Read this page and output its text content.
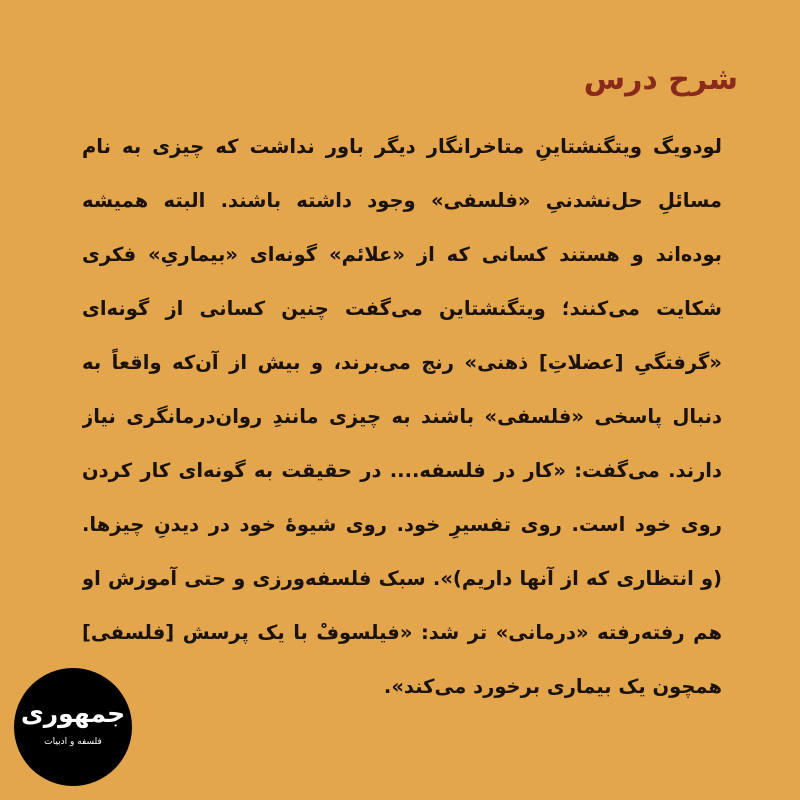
شرح درس
لودویگ ویتگنشتاینِ متاخرانگار دیگر باور نداشت که چیزی به نام
مسائلِ حل‌نشدنیِ «فلسفی» وجود داشته باشند. البته همیشه
بوده‌اند و هستند کسانی که از «علائم» گونه‌ای «بیماریِ» فکری
شکایت می‌کنند؛ ویتگنشتاین می‌گفت چنین کسانی از گونه‌ای
«گرفتگیِ [عضلاتِ] ذهنی» رنج می‌برند، و بیش از آن‌که واقعاً به
دنبال پاسخی «فلسفی» باشند به چیزی مانندِ روان‌درمانگری نیاز
دارند. می‌گفت: «کار در فلسفه.... در حقیقت به گونه‌ای کار کردن
روی خود است. روی تفسیرِ خود. روی شیوهٔ خود در دیدنِ چیزها.
(و انتظاری که از آنها داریم)». سبک فلسفه‌ورزی و حتی آموزش او
هم رفته‌رفته «درمانی» تر شد: «فیلسوفْ با یک پرسش [فلسفی]
همچون یک بیماری برخورد می‌کند».
جمهوری
فلسفه و ادبیات
